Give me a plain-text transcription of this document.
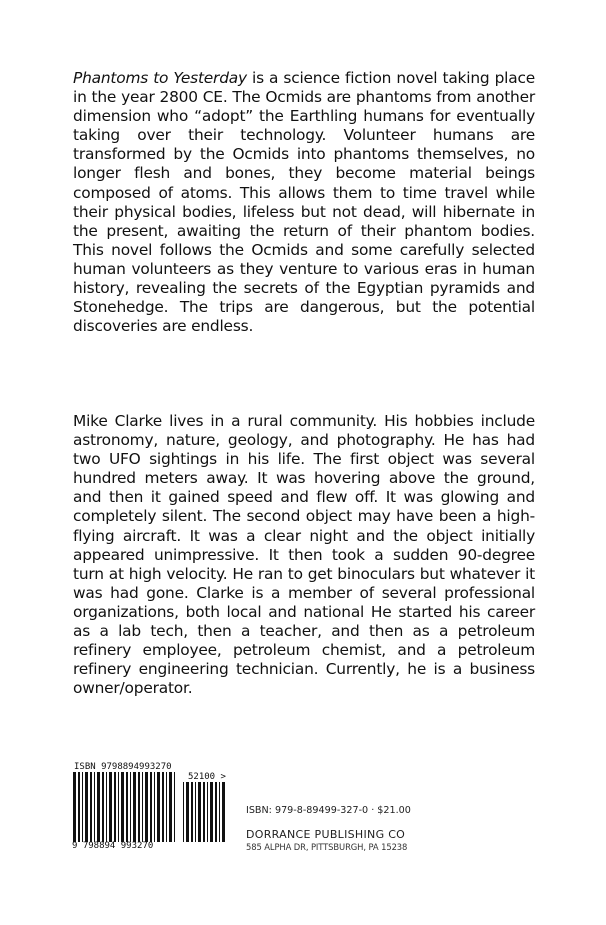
Phantoms to Yesterday is a science fiction novel taking place in the year 2800 CE. The Ocmids are phantoms from another dimension who “adopt” the Earthling humans for eventually taking over their technology. Volunteer humans are transformed by the Ocmids into phantoms themselves, no longer flesh and bones, they become material beings composed of atoms. This allows them to time travel while their physical bodies, lifeless but not dead, will hibernate in the present, awaiting the return of their phantom bodies. This novel follows the Ocmids and some carefully selected human volunteers as they venture to various eras in human history, revealing the secrets of the Egyptian pyramids and Stonehedge. The trips are dangerous, but the potential discoveries are endless.

Mike Clarke lives in a rural community. His hobbies include astronomy, nature, geology, and photography. He has had two UFO sightings in his life. The first object was several hundred meters away. It was hovering above the ground, and then it gained speed and flew off. It was glowing and completely silent. The second object may have been a high-flying aircraft. It was a clear night and the object initially appeared unimpressive. It then took a sudden 90-degree turn at high velocity. He ran to get binoculars but whatever it was had gone. Clarke is a member of several professional organizations, both local and national He started his career as a lab tech, then a teacher, and then as a petroleum refinery employee, petroleum chemist, and a petroleum refinery engineering technician. Currently, he is a business owner/operator.

ISBN 9798894993270
52100 >
9 798894 993270

ISBN: 979-8-89499-327-0 · $21.00

DORRANCE PUBLISHING CO

585 ALPHA DR, PITTSBURGH, PA 15238
